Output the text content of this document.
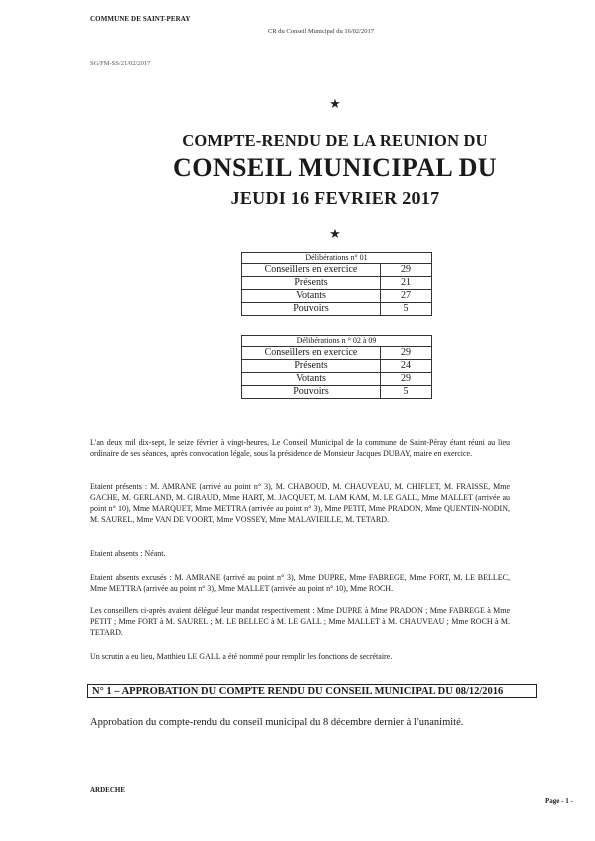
COMMUNE DE SAINT-PERAY
CR du Conseil Municipal du 16/02/2017
SG/FM-SS/21/02/2017
★
COMPTE-RENDU DE LA REUNION DU
CONSEIL MUNICIPAL DU
JEUDI 16 FEVRIER 2017
★
Délibérations n° 01	
Conseillers en exercice	29
Présents	21
Votants	27
Pouvoirs	5
Délibérations n ° 02 à 09	
Conseillers en exercice	29
Présents	24
Votants	29
Pouvoirs	5
L'an deux mil dix-sept, le seize février à vingt-heures, Le Conseil Municipal de la commune de Saint-Péray étant réuni au lieu ordinaire de ses séances, après convocation légale, sous la présidence de Monsieur Jacques DUBAY, maire en exercice.
Etaient présents : M. AMRANE (arrivé au point n° 3), M. CHABOUD, M. CHAUVEAU, M. CHIFLET, M. FRAISSE, Mme GACHE, M. GERLAND, M. GIRAUD, Mme HART, M. JACQUET, M. LAM KAM, M. LE GALL, Mme MALLET (arrivée au point n° 10), Mme MARQUET, Mme METTRA (arrivée au point n° 3), Mme PETIT, Mme PRADON, Mme QUENTIN-NODIN, M. SAUREL, Mme VAN DE VOORT, Mme VOSSEY, Mme MALAVIEILLE, M. TETARD.
Etaient absents : Néant.
Etaient absents excusés : M. AMRANE (arrivé au point n° 3), Mme DUPRE, Mme FABREGE, Mme FORT, M. LE BELLEC, Mme METTRA (arrivée au point n° 3), Mme MALLET (arrivée au point n° 10), Mme ROCH.
Les conseillers ci-après avaient délégué leur mandat respectivement : Mme DUPRE à Mme PRADON ; Mme FABREGE à Mme PETIT ; Mme FORT à M. SAUREL ; M. LE BELLEC à M. LE GALL ; Mme MALLET à M. CHAUVEAU ; Mme ROCH à M. TETARD.
Un scrutin a eu lieu, Matthieu LE GALL a été nommé pour remplir les fonctions de secrétaire.
N° 1 – APPROBATION DU COMPTE RENDU DU CONSEIL MUNICIPAL DU 08/12/2016
Approbation du compte-rendu du conseil municipal du 8 décembre dernier à l'unanimité.
ARDECHE
Page - 1 -
